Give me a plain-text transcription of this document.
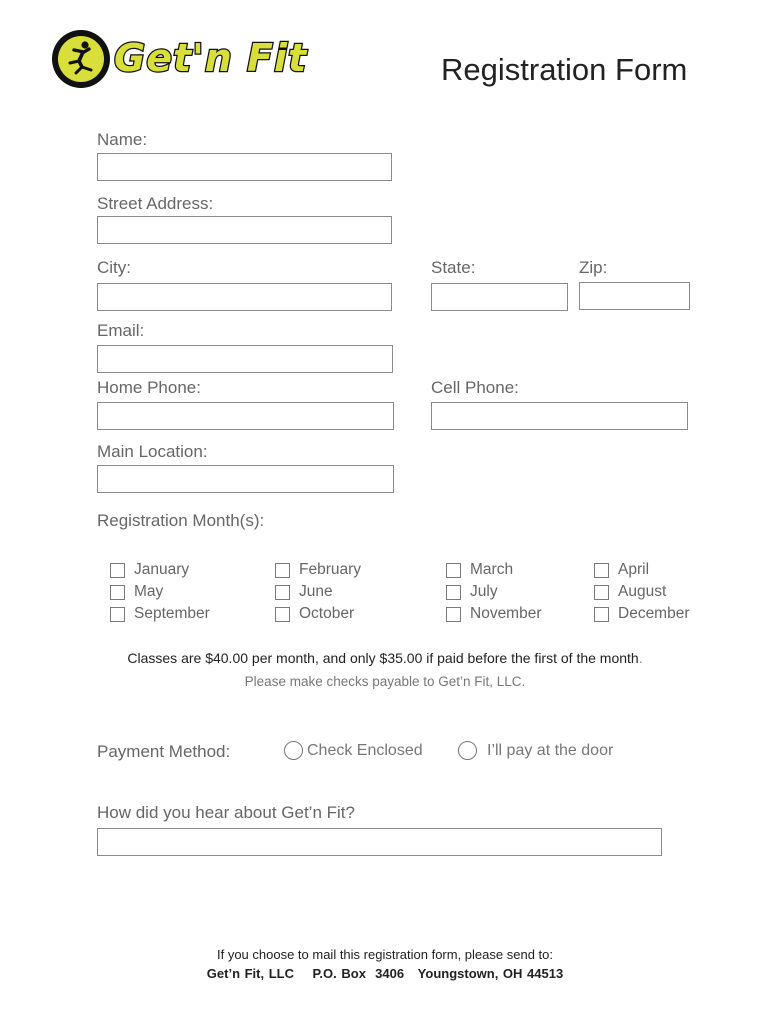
Get'n Fit	Registration Form
Name:
Street Address:
City:	State:	Zip:
Email:
Home Phone:	Cell Phone:
Main Location:
Registration Month(s):
January	February	March	April
May	June	July	August
September	October	November	December
Classes are $40.00 per month, and only $35.00 if paid before the first of the month.
Please make checks payable to Get’n Fit, LLC.
Payment Method:	Check Enclosed	I’ll pay at the door
How did you hear about Get’n Fit?
If you choose to mail this registration form, please send to:
Get’n Fit, LLC    P.O. Box  3406   Youngstown, OH 44513
